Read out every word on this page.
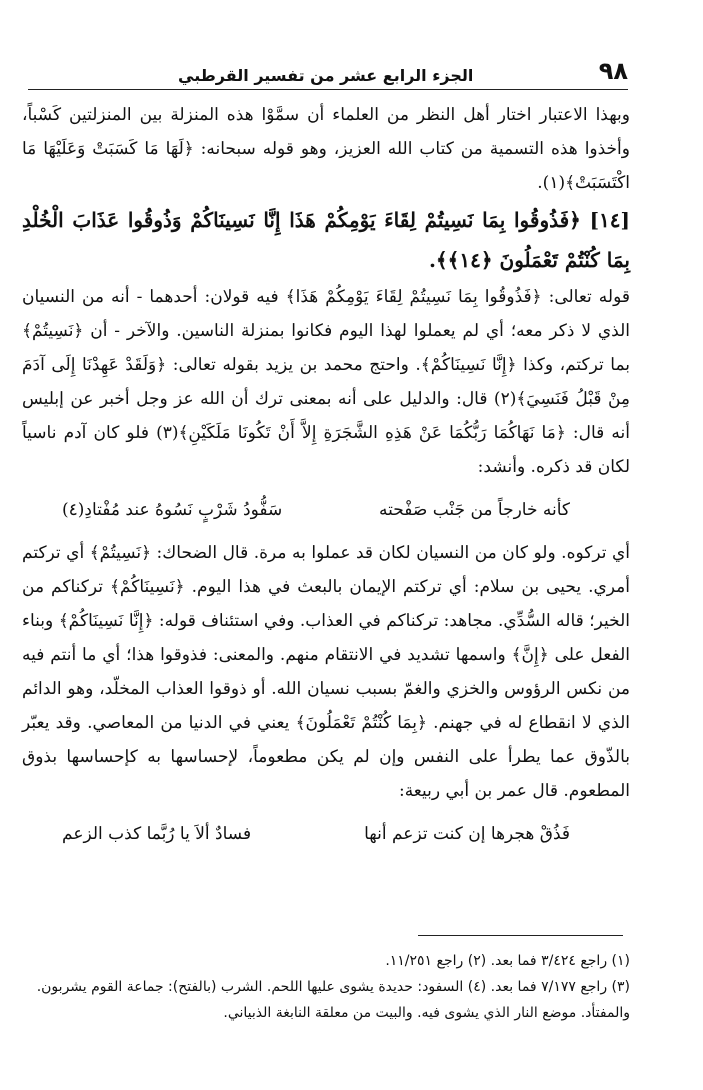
٩٨
الجزء الرابع عشر من تفسير القرطبي

وبهذا الاعتبار اختار أهل النظر من العلماء أن سمَّوْا هذه المنزلة بين المنزلتين كَسْباً، وأخذوا هذه التسمية من كتاب الله العزيز، وهو قوله سبحانه: ﴿لَهَا مَا كَسَبَتْ وَعَلَيْهَا مَا اكْتَسَبَتْ﴾(١).

[١٤] ﴿فَذُوقُوا بِمَا نَسِيتُمْ لِقَاءَ يَوْمِكُمْ هَذَا إِنَّا نَسِينَاكُمْ وَذُوقُوا عَذَابَ الْخُلْدِ بِمَا كُنْتُمْ تَعْمَلُونَ ﴿١٤﴾﴾.

قوله تعالى: ﴿فَذُوقُوا بِمَا نَسِيتُمْ لِقَاءَ يَوْمِكُمْ هَذَا﴾ فيه قولان: أحدهما - أنه من النسيان الذي لا ذكر معه؛ أي لم يعملوا لهذا اليوم فكانوا بمنزلة الناسين. والآخر - أن ﴿نَسِيتُمْ﴾ بما تركتم، وكذا ﴿إِنَّا نَسِينَاكُمْ﴾. واحتج محمد بن يزيد بقوله تعالى: ﴿وَلَقَدْ عَهِدْنَا إِلَى آدَمَ مِنْ قَبْلُ فَنَسِيَ﴾(٢) قال: والدليل على أنه بمعنى ترك أن الله عز وجل أخبر عن إبليس أنه قال: ﴿مَا نَهَاكُمَا رَبُّكُمَا عَنْ هَذِهِ الشَّجَرَةِ إِلاَّ أَنْ تَكُونَا مَلَكَيْنِ﴾(٣) فلو كان آدم ناسياً لكان قد ذكره. وأنشد:

كأنه خارجاً من جَنْب صَفْحته
سَفُّودُ شَرْبٍ نَسُوهُ عند مُفْتادِ(٤)

أي تركوه. ولو كان من النسيان لكان قد عملوا به مرة. قال الضحاك: ﴿نَسِيتُمْ﴾ أي تركتم أمري. يحيى بن سلام: أي تركتم الإيمان بالبعث في هذا اليوم. ﴿نَسِينَاكُمْ﴾ تركناكم من الخير؛ قاله السُّدِّي. مجاهد: تركناكم في العذاب. وفي استئناف قوله: ﴿إِنَّا نَسِينَاكُمْ﴾ وبناء الفعل على ﴿إِنَّ﴾ واسمها تشديد في الانتقام منهم. والمعنى: فذوقوا هذا؛ أي ما أنتم فيه من نكس الرؤوس والخزي والغمّ بسبب نسيان الله. أو ذوقوا العذاب المخلّد، وهو الدائم الذي لا انقطاع له في جهنم. ﴿بِمَا كُنْتُمْ تَعْمَلُونَ﴾ يعني في الدنيا من المعاصي. وقد يعبّر بالذّوق عما يطرأ على النفس وإن لم يكن مطعوماً، لإحساسها به كإحساسها بذوق المطعوم. قال عمر بن أبي ربيعة:

فَذُقْ هجرها إن كنت تزعم أنها
فسادٌ ألاَ يا رُبَّما كذب الزعم

(١) راجع ٣/٤٢٤ فما بعد. (٢) راجع ١١/٢٥١.

(٣) راجع ٧/١٧٧ فما بعد. (٤) السفود: حديدة يشوى عليها اللحم. الشرب (بالفتح): جماعة القوم يشربون. والمفتأد. موضع النار الذي يشوى فيه. والبيت من معلقة النابغة الذبياني.
